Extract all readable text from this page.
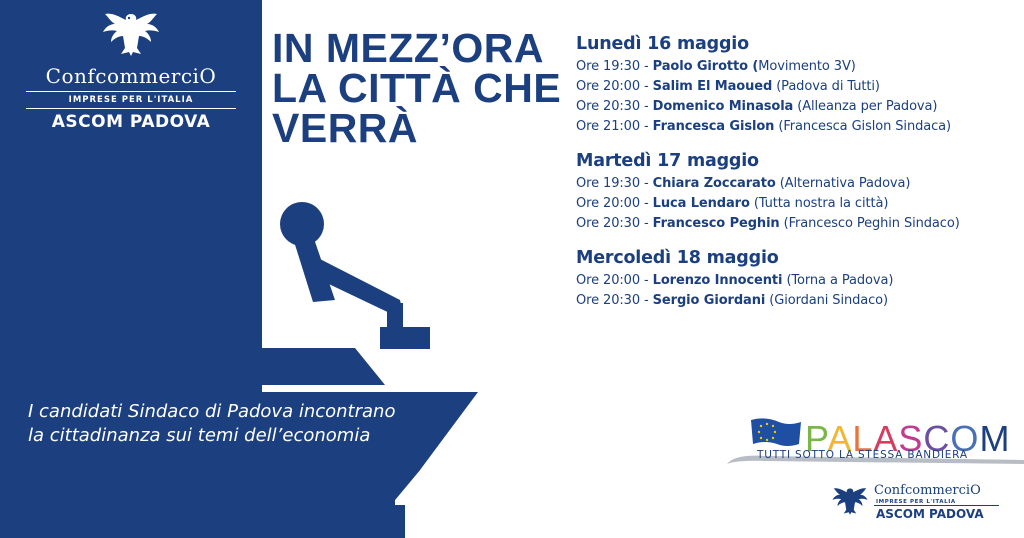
ConfcommerciO
IMPRESE PER L'ITALIA
ASCOM PADOVA
IN MEZZ’ORA
LA CITTÀ CHE
VERRÀ
I candidati Sindaco di Padova incontrano
la cittadinanza sui temi dell’economia
Lunedì 16 maggio
Ore 19:30 - Paolo Girotto (Movimento 3V)
Ore 20:00 - Salim El Maoued (Padova di Tutti)
Ore 20:30 - Domenico Minasola (Alleanza per Padova)
Ore 21:00 - Francesca Gislon (Francesca Gislon Sindaca)
Martedì 17 maggio
Ore 19:30 - Chiara Zoccarato (Alternativa Padova)
Ore 20:00 - Luca Lendaro (Tutta nostra la città)
Ore 20:30 - Francesco Peghin (Francesco Peghin Sindaco)
Mercoledì 18 maggio
Ore 20:00 - Lorenzo Innocenti (Torna a Padova)
Ore 20:30 - Sergio Giordani (Giordani Sindaco)
PALASCOM
TUTTI SOTTO LA STESSA BANDIERA
ConfcommerciO
IMPRESE PER L'ITALIA
ASCOM PADOVA
